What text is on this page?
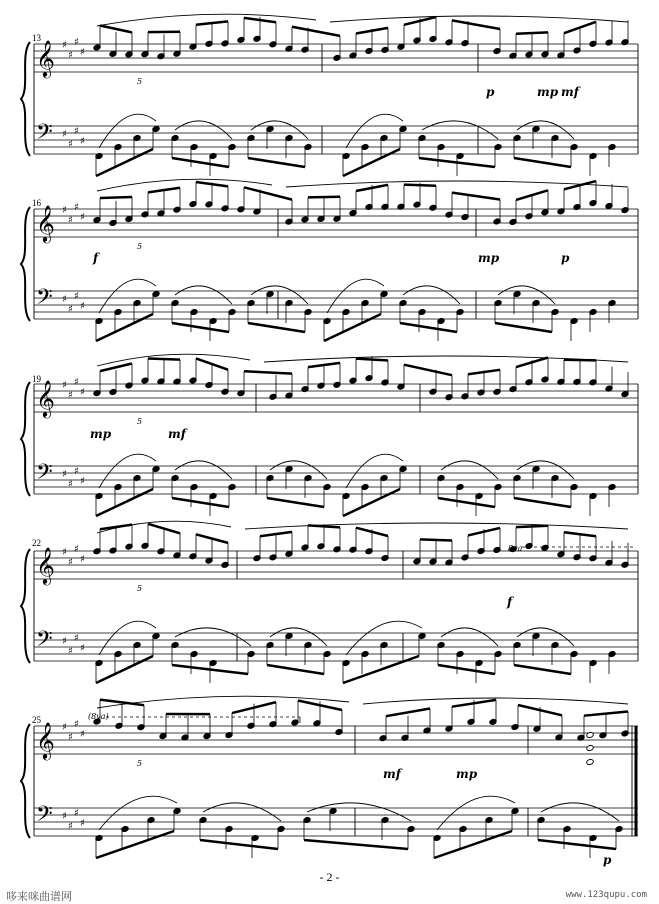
𝄞
𝄢
♯
♯
♯
♯
♯
♯
♯
♯
5
𝄞
𝄢
♯
♯
♯
♯
♯
♯
♯
♯
5
𝄞
𝄢
♯
♯
♯
♯
♯
♯
♯
♯
5
𝄞
𝄢
♯
♯
♯
♯
♯
♯
♯
♯
5
𝄞
𝄢
♯
♯
♯
♯
♯
♯
♯
♯
5
8va
(8va)
p	mp mf
f	mp	p
mp	mf
f
mf	mp
p
13
16
19
22
25
- 2 -
哆来咪曲谱网	www.123qupu.com
